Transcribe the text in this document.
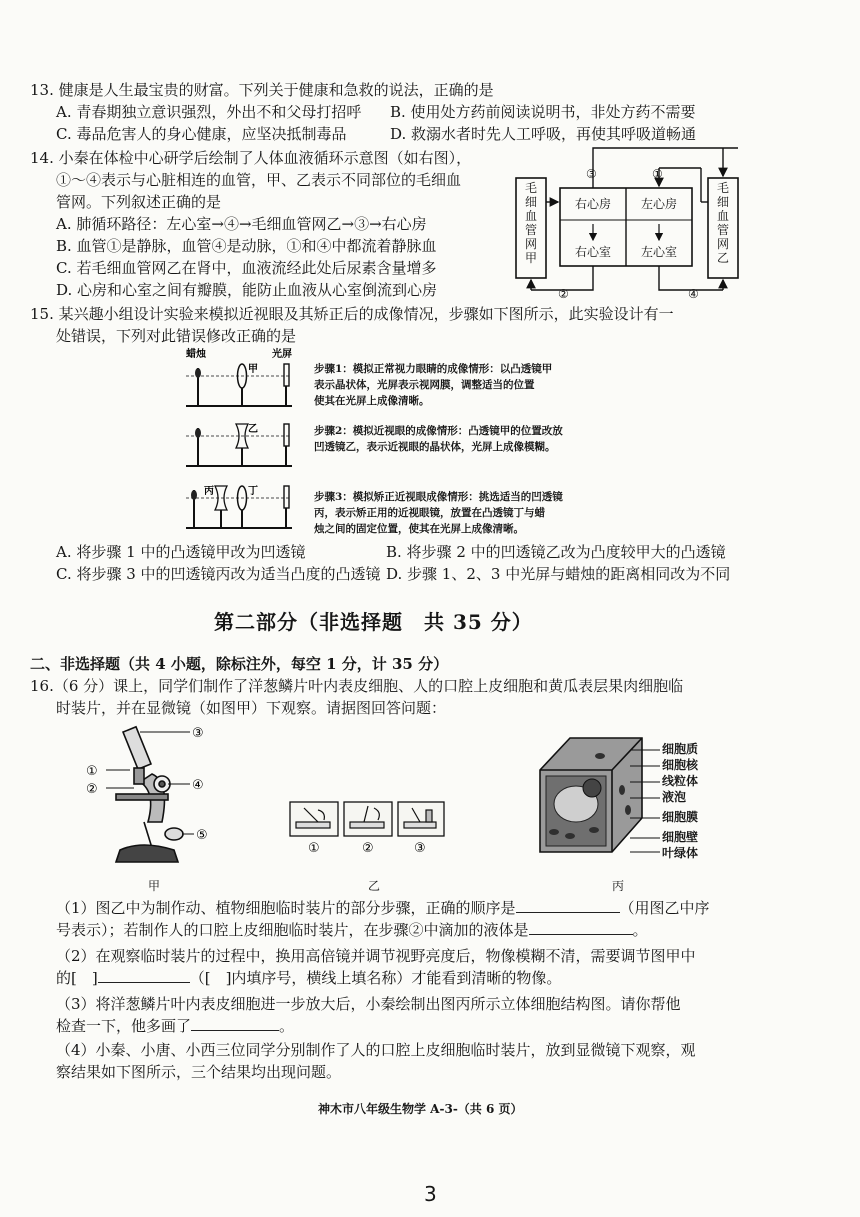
13. 健康是人生最宝贵的财富。下列关于健康和急救的说法，正确的是
A. 青春期独立意识强烈，外出不和父母打招呼 B. 使用处方药前阅读说明书，非处方药不需要
C. 毒品危害人的身心健康，应坚决抵制毒品	D. 救溺水者时先人工呼吸，再使其呼吸道畅通
14. 小秦在体检中心研学后绘制了人体血液循环示意图（如右图），
①～④表示与心脏相连的血管，甲、乙表示不同部位的毛细血
管网。下列叙述正确的是
A. 肺循环路径：左心室→④→毛细血管网乙→③→右心房
B. 血管①是静脉，血管④是动脉，①和④中都流着静脉血
C. 若毛细血管网乙在肾中，血液流经此处后尿素含量增多
D. 心房和心室之间有瓣膜，能防止血液从心室倒流到心房
毛
细
血
管
网
甲
毛
细
血
管
网
乙
右心房 左心房
右心室 左心室
③	①
②	④
15. 某兴趣小组设计实验来模拟近视眼及其矫正后的成像情况，步骤如下图所示，此实验设计有一
处错误，下列对此错误修改正确的是
蜡烛	光屏
甲
乙
丙	丁
步骤1：模拟正常视力眼睛的成像情形：以凸透镜甲
表示晶状体，光屏表示视网膜，调整适当的位置
使其在光屏上成像清晰。
步骤2：模拟近视眼的成像情形：凸透镜甲的位置改放
凹透镜乙，表示近视眼的晶状体，光屏上成像模糊。
步骤3：模拟矫正近视眼成像情形：挑选适当的凹透镜
丙，表示矫正用的近视眼镜，放置在凸透镜丁与蜡
烛之间的固定位置，使其在光屏上成像清晰。
A. 将步骤 1 中的凸透镜甲改为凹透镜	B. 将步骤 2 中的凹透镜乙改为凸度较甲大的凸透镜
C. 将步骤 3 中的凹透镜丙改为适当凸度的凸透镜 D. 步骤 1、2、3 中光屏与蜡烛的距离相同改为不同
第二部分（非选择题　共 35 分）
二、非选择题（共 4 小题，除标注外，每空 1 分，计 35 分）
16.（6 分）课上，同学们制作了洋葱鳞片叶内表皮细胞、人的口腔上皮细胞和黄瓜表层果肉细胞临
时装片，并在显微镜（如图甲）下观察。请据图回答问题：
③
①
②	④
⑤
甲
①	②	③
乙
细胞质
细胞核
线粒体
液泡
细胞膜
细胞壁
叶绿体
丙
（1）图乙中为制作动、植物细胞临时装片的部分步骤，正确的顺序是	（用图乙中序
号表示）；若制作人的口腔上皮细胞临时装片，在步骤②中滴加的液体是	。
（2）在观察临时装片的过程中，换用高倍镜并调节视野亮度后，物像模糊不清，需要调节图甲中
的[　]	（[　]内填序号，横线上填名称）才能看到清晰的物像。
（3）将洋葱鳞片叶内表皮细胞进一步放大后，小秦绘制出图丙所示立体细胞结构图。请你帮他
检查一下，他多画了	。
（4）小秦、小唐、小西三位同学分别制作了人的口腔上皮细胞临时装片，放到显微镜下观察，观
察结果如下图所示，三个结果均出现问题。
神木市八年级生物学 A-3-（共 6 页）
3
